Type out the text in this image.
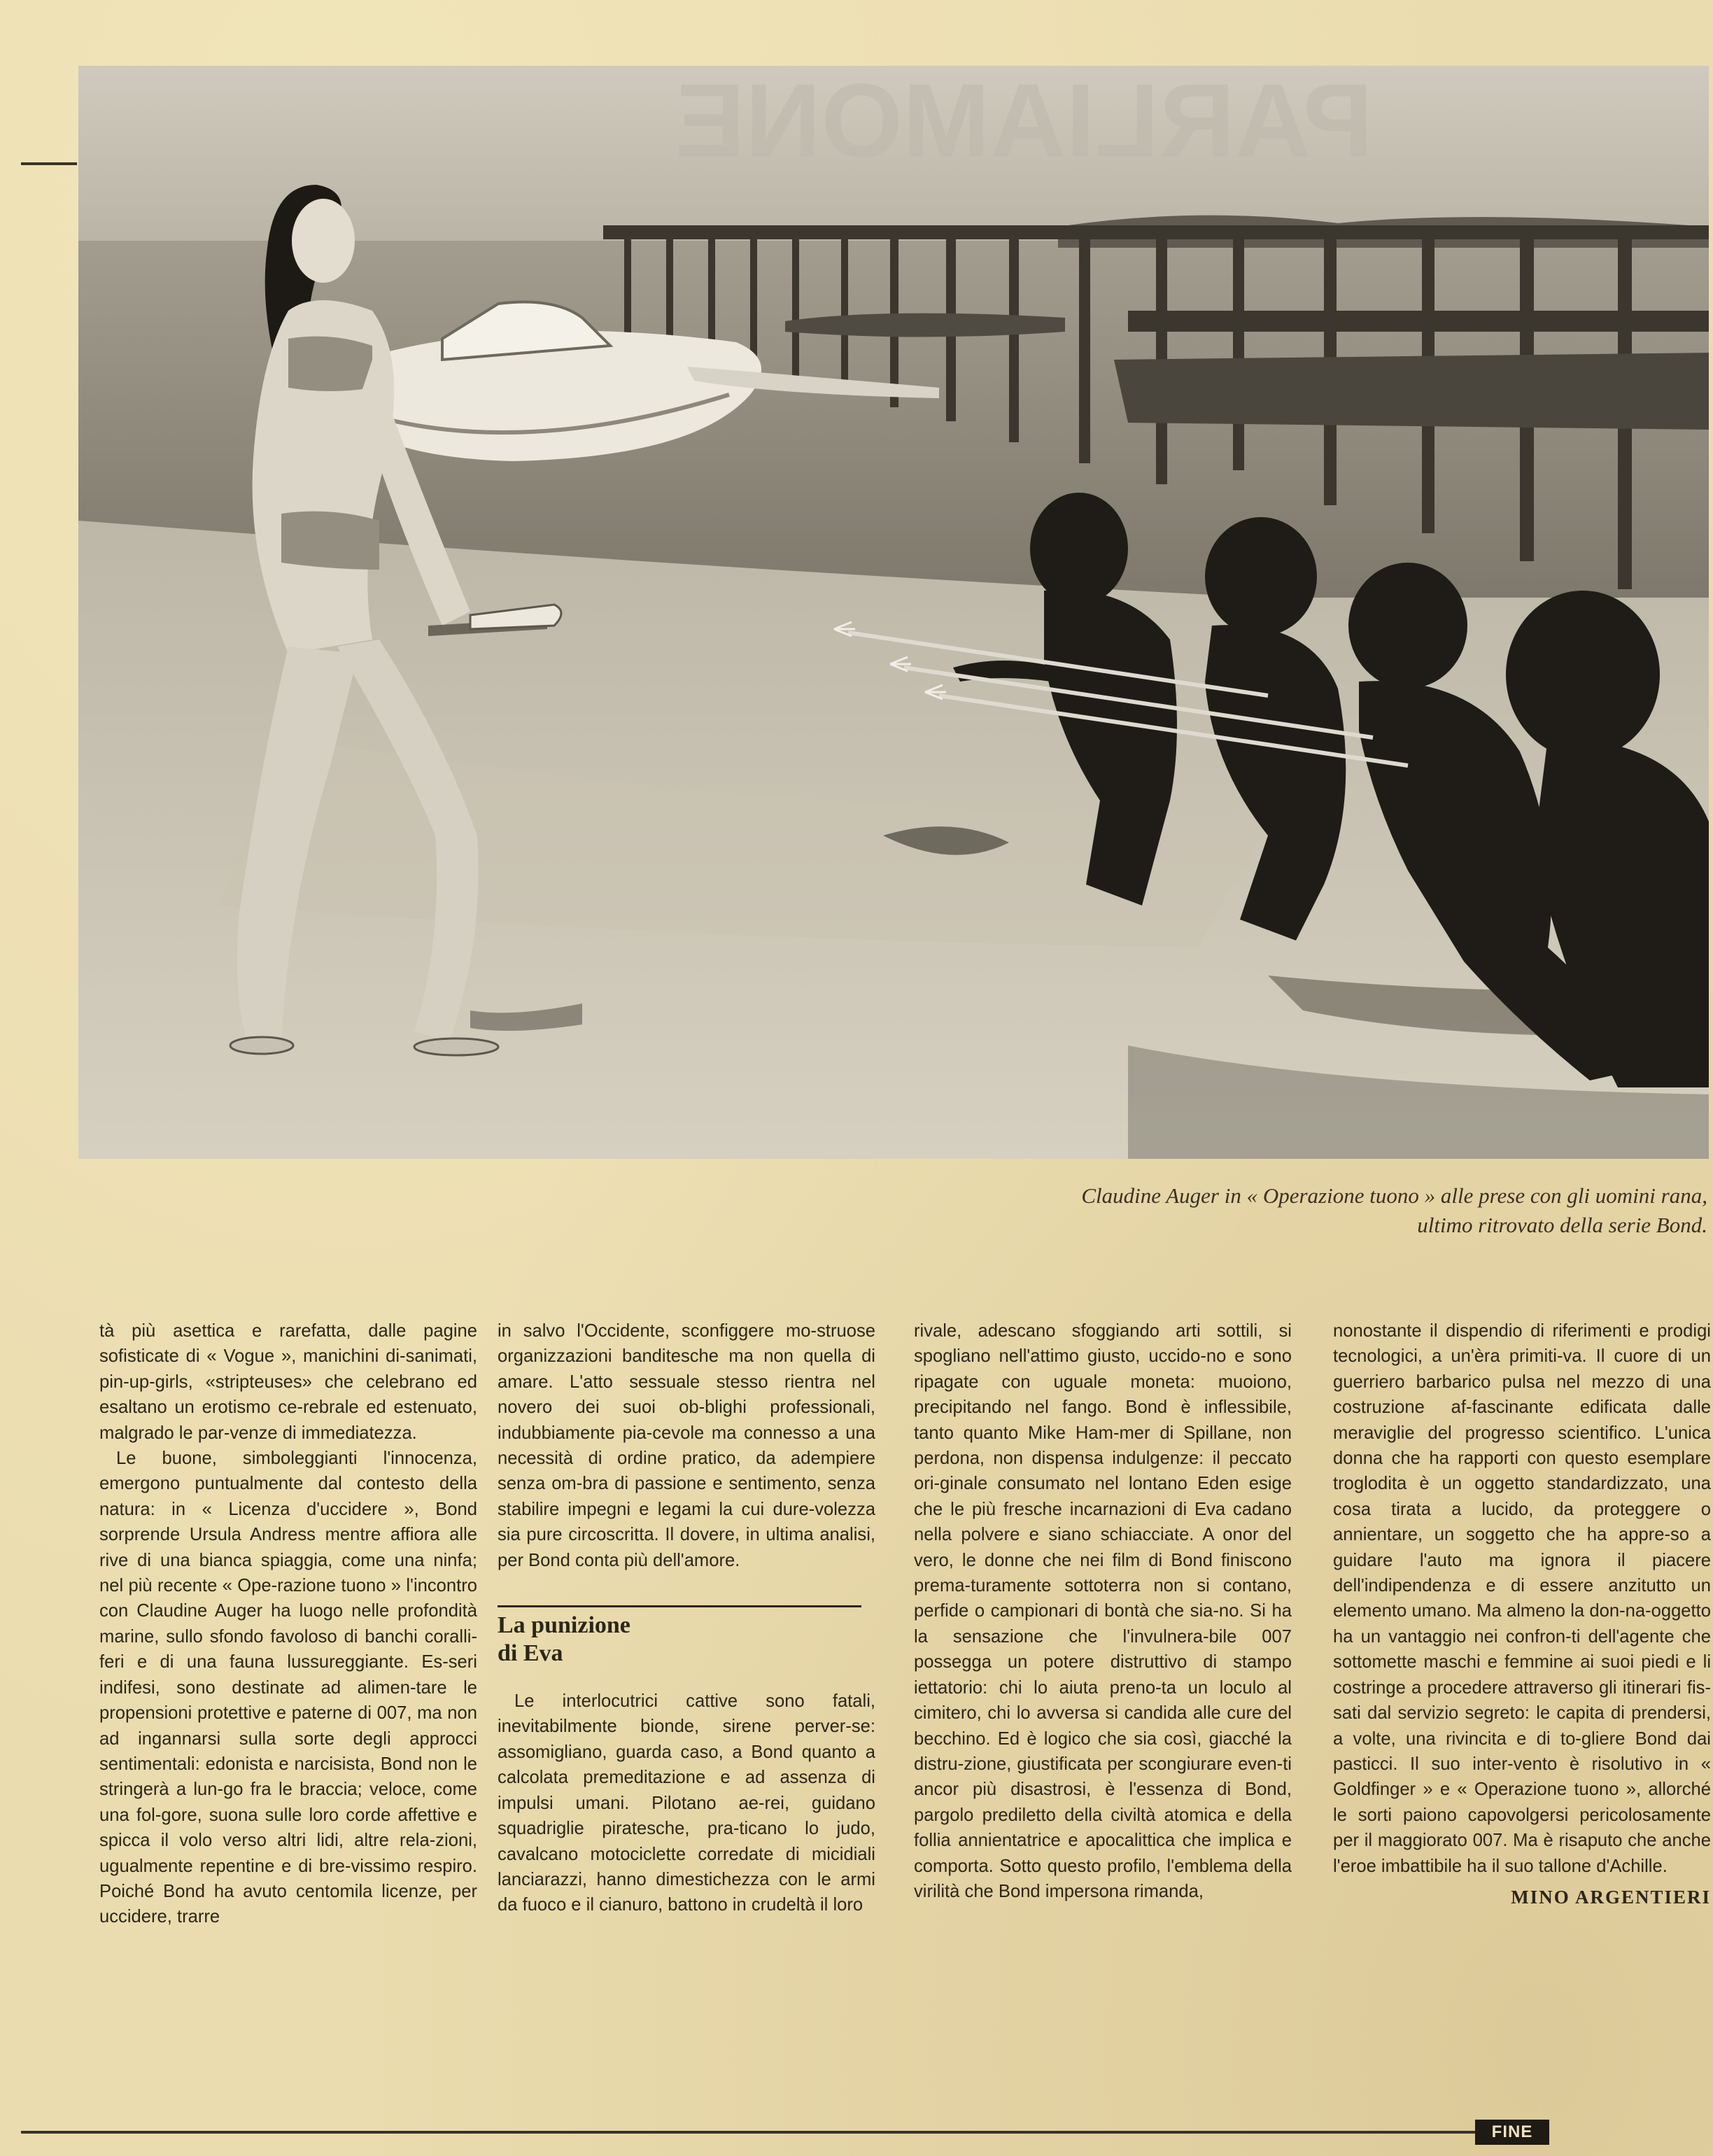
PARLIAMONE
Claudine Auger in « Operazione tuono » alle prese con gli uomini rana,
ultimo ritrovato della serie Bond.

tà più asettica e rarefatta, dalle pagine sofisticate di « Vogue », manichini di-sanimati, pin-up-girls, «stripteuses» che celebrano ed esaltano un erotismo ce-rebrale ed estenuato, malgrado le par-venze di immediatezza.

Le buone, simboleggianti l'innocenza, emergono puntualmente dal contesto della natura: in « Licenza d'uccidere », Bond sorprende Ursula Andress mentre affiora alle rive di una bianca spiaggia, come una ninfa; nel più recente « Ope-razione tuono » l'incontro con Claudine Auger ha luogo nelle profondità marine, sullo sfondo favoloso di banchi coralli-feri e di una fauna lussureggiante. Es-seri indifesi, sono destinate ad alimen-tare le propensioni protettive e paterne di 007, ma non ad ingannarsi sulla sorte degli approcci sentimentali: edonista e narcisista, Bond non le stringerà a lun-go fra le braccia; veloce, come una fol-gore, suona sulle loro corde affettive e spicca il volo verso altri lidi, altre rela-zioni, ugualmente repentine e di bre-vissimo respiro. Poiché Bond ha avuto centomila licenze, per uccidere, trarre

in salvo l'Occidente, sconfiggere mo-struose organizzazioni banditesche ma non quella di amare. L'atto sessuale stesso rientra nel novero dei suoi ob-blighi professionali, indubbiamente pia-cevole ma connesso a una necessità di ordine pratico, da adempiere senza om-bra di passione e sentimento, senza stabilire impegni e legami la cui dure-volezza sia pure circoscritta. Il dovere, in ultima analisi, per Bond conta più dell'amore.

La punizione
di Eva

Le interlocutrici cattive sono fatali, inevitabilmente bionde, sirene perver-se: assomigliano, guarda caso, a Bond quanto a calcolata premeditazione e ad assenza di impulsi umani. Pilotano ae-rei, guidano squadriglie piratesche, pra-ticano lo judo, cavalcano motociclette corredate di micidiali lanciarazzi, hanno dimestichezza con le armi da fuoco e il cianuro, battono in crudeltà il loro

rivale, adescano sfoggiando arti sottili, si spogliano nell'attimo giusto, uccido-no e sono ripagate con uguale moneta: muoiono, precipitando nel fango. Bond è inflessibile, tanto quanto Mike Ham-mer di Spillane, non perdona, non dispensa indulgenze: il peccato ori-ginale consumato nel lontano Eden esige che le più fresche incarnazioni di Eva cadano nella polvere e siano schiacciate. A onor del vero, le donne che nei film di Bond finiscono prema-turamente sottoterra non si contano, perfide o campionari di bontà che sia-no. Si ha la sensazione che l'invulnera-bile 007 possegga un potere distruttivo di stampo iettatorio: chi lo aiuta preno-ta un loculo al cimitero, chi lo avversa si candida alle cure del becchino. Ed è logico che sia così, giacché la distru-zione, giustificata per scongiurare even-ti ancor più disastrosi, è l'essenza di Bond, pargolo prediletto della civiltà atomica e della follia annientatrice e apocalittica che implica e comporta. Sotto questo profilo, l'emblema della virilità che Bond impersona rimanda,

nonostante il dispendio di riferimenti e prodigi tecnologici, a un'èra primiti-va. Il cuore di un guerriero barbarico pulsa nel mezzo di una costruzione af-fascinante edificata dalle meraviglie del progresso scientifico. L'unica donna che ha rapporti con questo esemplare troglodita è un oggetto standardizzato, una cosa tirata a lucido, da proteggere o annientare, un soggetto che ha appre-so a guidare l'auto ma ignora il piacere dell'indipendenza e di essere anzitutto un elemento umano. Ma almeno la don-na-oggetto ha un vantaggio nei confron-ti dell'agente che sottomette maschi e femmine ai suoi piedi e li costringe a procedere attraverso gli itinerari fis-sati dal servizio segreto: le capita di prendersi, a volte, una rivincita e di to-gliere Bond dai pasticci. Il suo inter-vento è risolutivo in « Goldfinger » e « Operazione tuono », allorché le sorti paiono capovolgersi pericolosamente per il maggiorato 007. Ma è risaputo che anche l'eroe imbattibile ha il suo tallone d'Achille.

MINO ARGENTIERI
FINE
